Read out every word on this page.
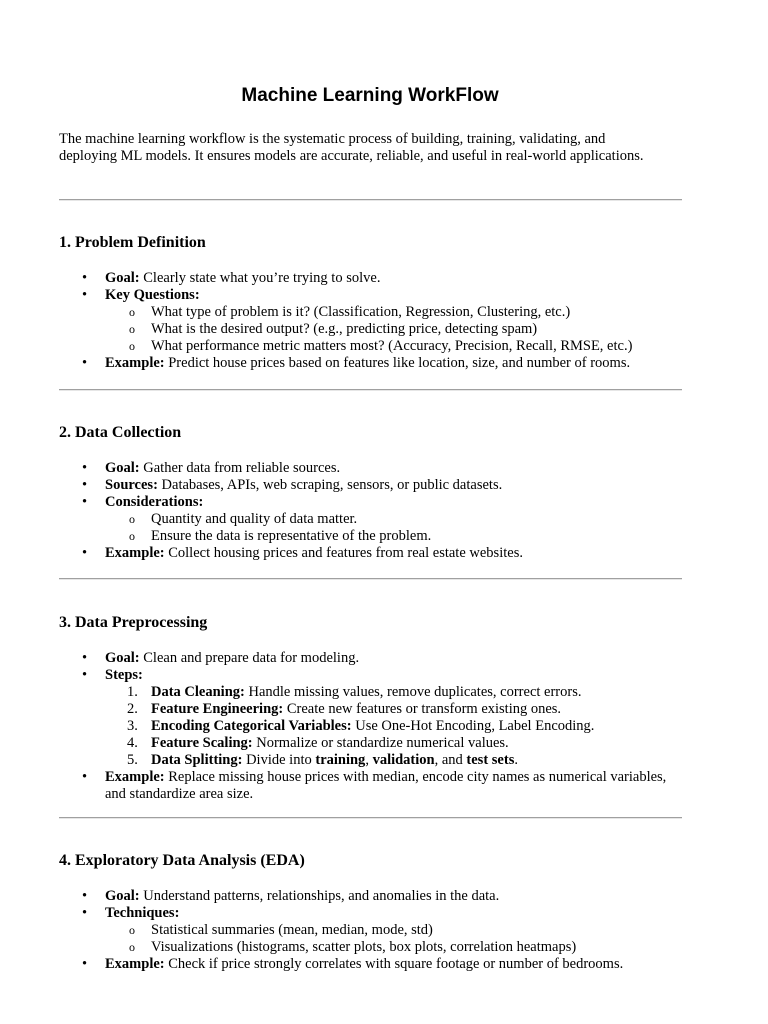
Machine Learning WorkFlow

The machine learning workflow is the systematic process of building, training, validating, and deploying ML models. It ensures models are accurate, reliable, and useful in real-world applications.

1. Problem Definition
• Goal: Clearly state what you’re trying to solve.
• Key Questions:
o What type of problem is it? (Classification, Regression, Clustering, etc.)
o What is the desired output? (e.g., predicting price, detecting spam)
o What performance metric matters most? (Accuracy, Precision, Recall, RMSE, etc.)
• Example: Predict house prices based on features like location, size, and number of rooms.
2. Data Collection
• Goal: Gather data from reliable sources.
• Sources: Databases, APIs, web scraping, sensors, or public datasets.
• Considerations:
o Quantity and quality of data matter.
o Ensure the data is representative of the problem.
• Example: Collect housing prices and features from real estate websites.
3. Data Preprocessing
• Goal: Clean and prepare data for modeling.
• Steps:
1. Data Cleaning: Handle missing values, remove duplicates, correct errors.
2. Feature Engineering: Create new features or transform existing ones.
3. Encoding Categorical Variables: Use One-Hot Encoding, Label Encoding.
4. Feature Scaling: Normalize or standardize numerical values.
5. Data Splitting: Divide into training, validation, and test sets.
• Example: Replace missing house prices with median, encode city names as numerical variables, and standardize area size.
4. Exploratory Data Analysis (EDA)
• Goal: Understand patterns, relationships, and anomalies in the data.
• Techniques:
o Statistical summaries (mean, median, mode, std)
o Visualizations (histograms, scatter plots, box plots, correlation heatmaps)
• Example: Check if price strongly correlates with square footage or number of bedrooms.
